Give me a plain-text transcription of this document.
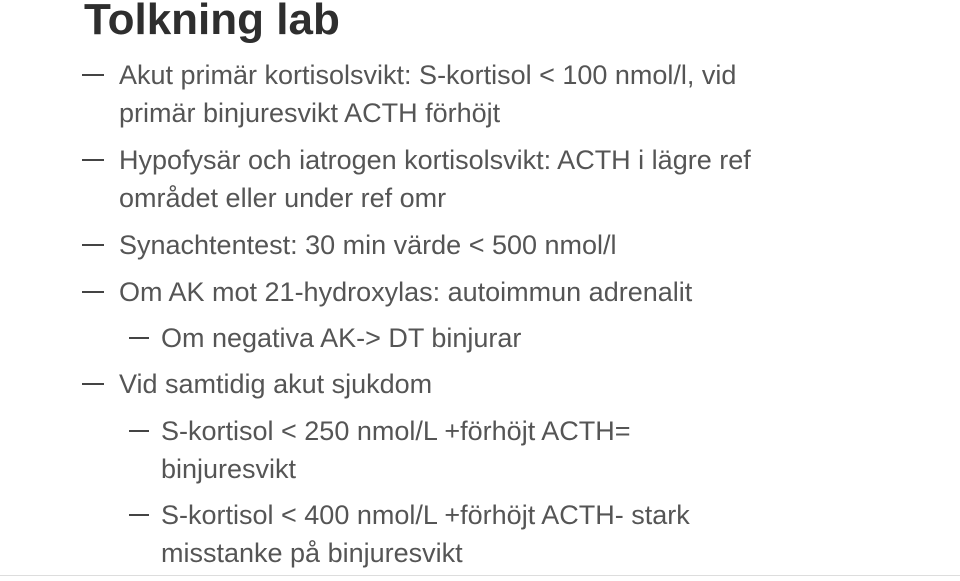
Tolkning lab
Akut primär kortisolsvikt: S-kortisol < 100 nmol/l, vid
primär binjuresvikt ACTH förhöjt
Hypofysär och iatrogen kortisolsvikt: ACTH i lägre ref
området eller under ref omr
Synachtentest: 30 min värde < 500 nmol/l
Om AK mot 21-hydroxylas: autoimmun adrenalit
Om negativa AK-> DT binjurar
Vid samtidig akut sjukdom
S-kortisol < 250 nmol/L +förhöjt ACTH=
binjuresvikt
S-kortisol < 400 nmol/L +förhöjt ACTH- stark
misstanke på binjuresvikt
